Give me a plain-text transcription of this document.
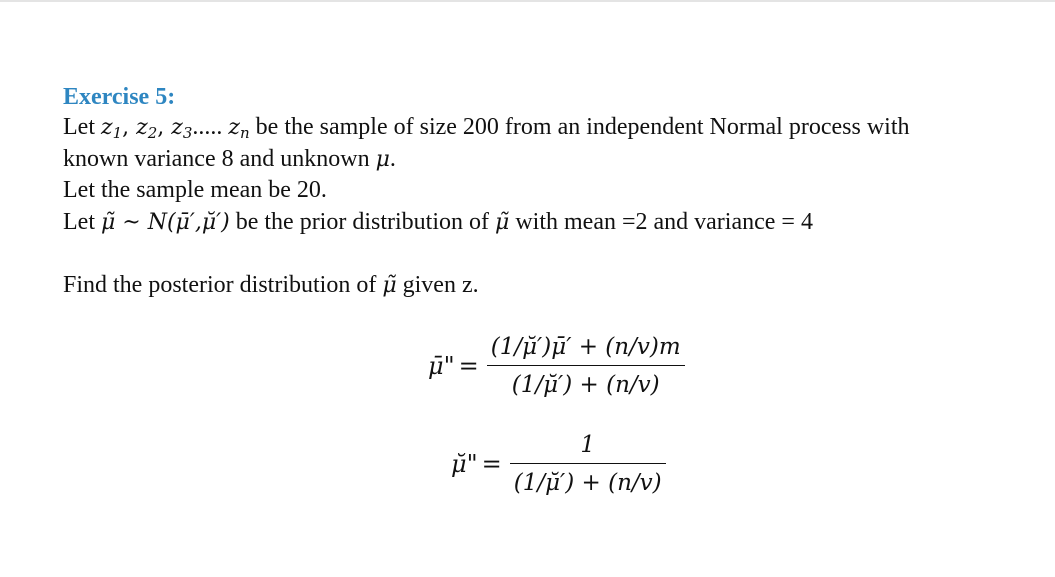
Exercise 5:
Let $z_1$, $z_2$, $z_3$..... $z_n$ be the sample of size 200 from an independent Normal process with
known variance 8 and unknown μ.
Let the sample mean be 20.
Let μ̃ ~ N(μ̄′,μ̆′) be the prior distribution of μ̃ with mean =2 and variance = 4
Find the posterior distribution of μ̃ given z.
μ̄" = $\frac{(1/\mŭ')\mū' + (n/v)m}{(1/\mŭ') + (n/v)}$
μ̆" = $\frac{1}{(1/\mŭ') + (n/v)}$
